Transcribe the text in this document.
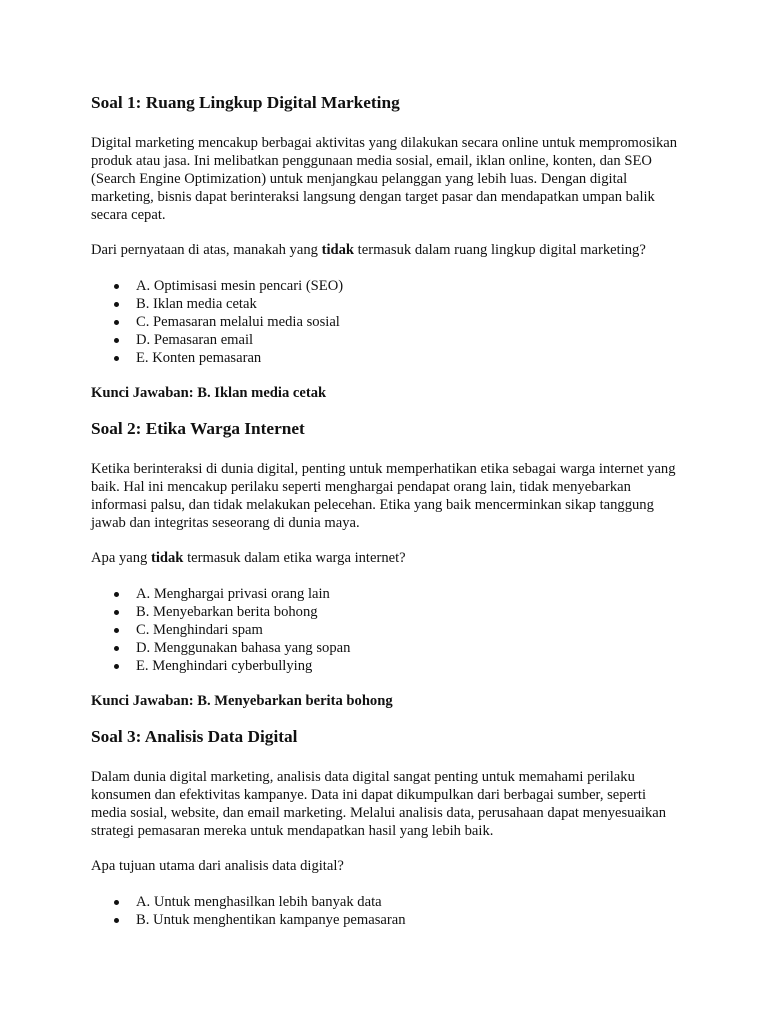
Soal 1: Ruang Lingkup Digital Marketing

Digital marketing mencakup berbagai aktivitas yang dilakukan secara online untuk mempromosikan produk atau jasa. Ini melibatkan penggunaan media sosial, email, iklan online, konten, dan SEO (Search Engine Optimization) untuk menjangkau pelanggan yang lebih luas. Dengan digital marketing, bisnis dapat berinteraksi langsung dengan target pasar dan mendapatkan umpan balik secara cepat.

Dari pernyataan di atas, manakah yang tidak termasuk dalam ruang lingkup digital marketing?

A. Optimisasi mesin pencari (SEO)
B. Iklan media cetak
C. Pemasaran melalui media sosial
D. Pemasaran email
E. Konten pemasaran

Kunci Jawaban: B. Iklan media cetak

Soal 2: Etika Warga Internet

Ketika berinteraksi di dunia digital, penting untuk memperhatikan etika sebagai warga internet yang baik. Hal ini mencakup perilaku seperti menghargai pendapat orang lain, tidak menyebarkan informasi palsu, dan tidak melakukan pelecehan. Etika yang baik mencerminkan sikap tanggung jawab dan integritas seseorang di dunia maya.

Apa yang tidak termasuk dalam etika warga internet?

A. Menghargai privasi orang lain
B. Menyebarkan berita bohong
C. Menghindari spam
D. Menggunakan bahasa yang sopan
E. Menghindari cyberbullying

Kunci Jawaban: B. Menyebarkan berita bohong

Soal 3: Analisis Data Digital

Dalam dunia digital marketing, analisis data digital sangat penting untuk memahami perilaku konsumen dan efektivitas kampanye. Data ini dapat dikumpulkan dari berbagai sumber, seperti media sosial, website, dan email marketing. Melalui analisis data, perusahaan dapat menyesuaikan strategi pemasaran mereka untuk mendapatkan hasil yang lebih baik.

Apa tujuan utama dari analisis data digital?

A. Untuk menghasilkan lebih banyak data
B. Untuk menghentikan kampanye pemasaran
